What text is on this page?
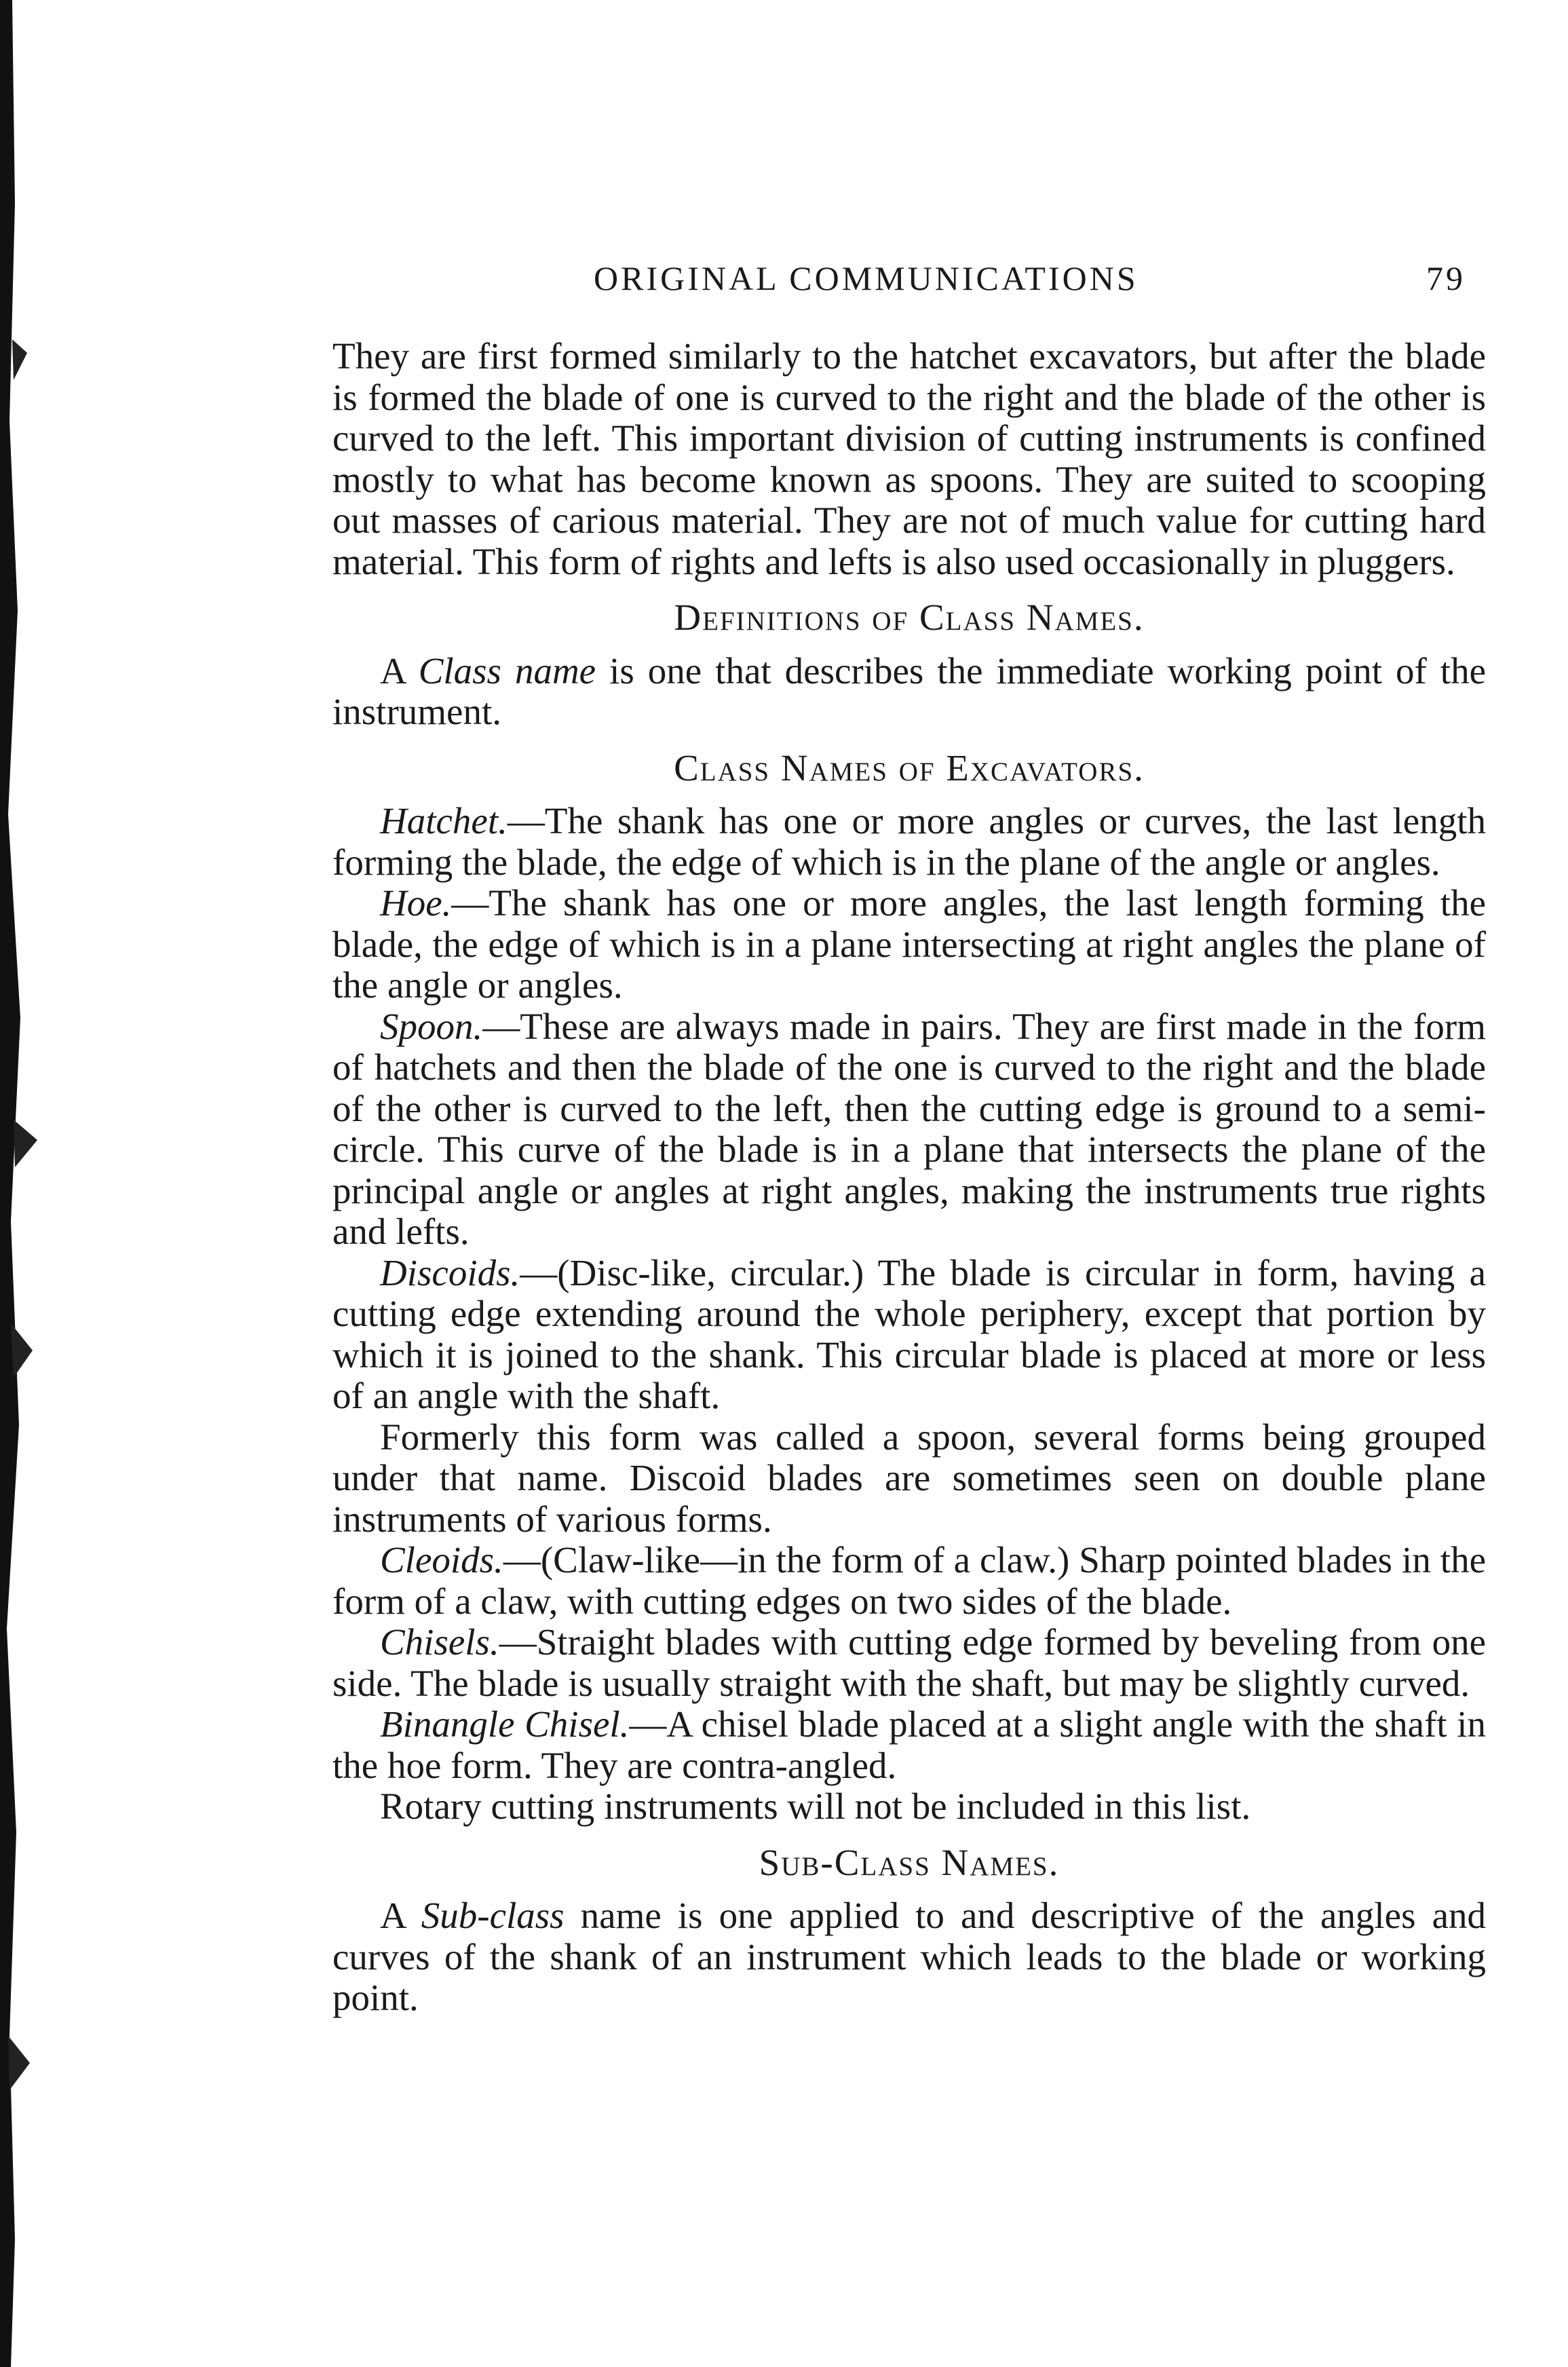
ORIGINAL COMMUNICATIONS	79

They are first formed similarly to the hatchet excavators, but after the blade is formed the blade of one is curved to the right and the blade of the other is curved to the left. This important division of cutting instruments is confined mostly to what has become known as spoons. They are suited to scooping out masses of carious material. They are not of much value for cutting hard material. This form of rights and lefts is also used occasionally in pluggers.

Definitions of Class Names.

A Class name is one that describes the immediate working point of the instrument.

Class Names of Excavators.

Hatchet.—The shank has one or more angles or curves, the last length forming the blade, the edge of which is in the plane of the angle or angles.

Hoe.—The shank has one or more angles, the last length forming the blade, the edge of which is in a plane intersecting at right angles the plane of the angle or angles.

Spoon.—These are always made in pairs. They are first made in the form of hatchets and then the blade of the one is curved to the right and the blade of the other is curved to the left, then the cutting edge is ground to a semi-circle. This curve of the blade is in a plane that intersects the plane of the principal angle or angles at right angles, making the instruments true rights and lefts.

Discoids.—(Disc-like, circular.) The blade is circular in form, having a cutting edge extending around the whole periphery, except that portion by which it is joined to the shank. This circular blade is placed at more or less of an angle with the shaft.

Formerly this form was called a spoon, several forms being grouped under that name. Discoid blades are sometimes seen on double plane instruments of various forms.

Cleoids.—(Claw-like—in the form of a claw.) Sharp pointed blades in the form of a claw, with cutting edges on two sides of the blade.

Chisels.—Straight blades with cutting edge formed by beveling from one side. The blade is usually straight with the shaft, but may be slightly curved.

Binangle Chisel.—A chisel blade placed at a slight angle with the shaft in the hoe form. They are contra-angled.

Rotary cutting instruments will not be included in this list.

Sub-Class Names.

A Sub-class name is one applied to and descriptive of the angles and curves of the shank of an instrument which leads to the blade or working point.
